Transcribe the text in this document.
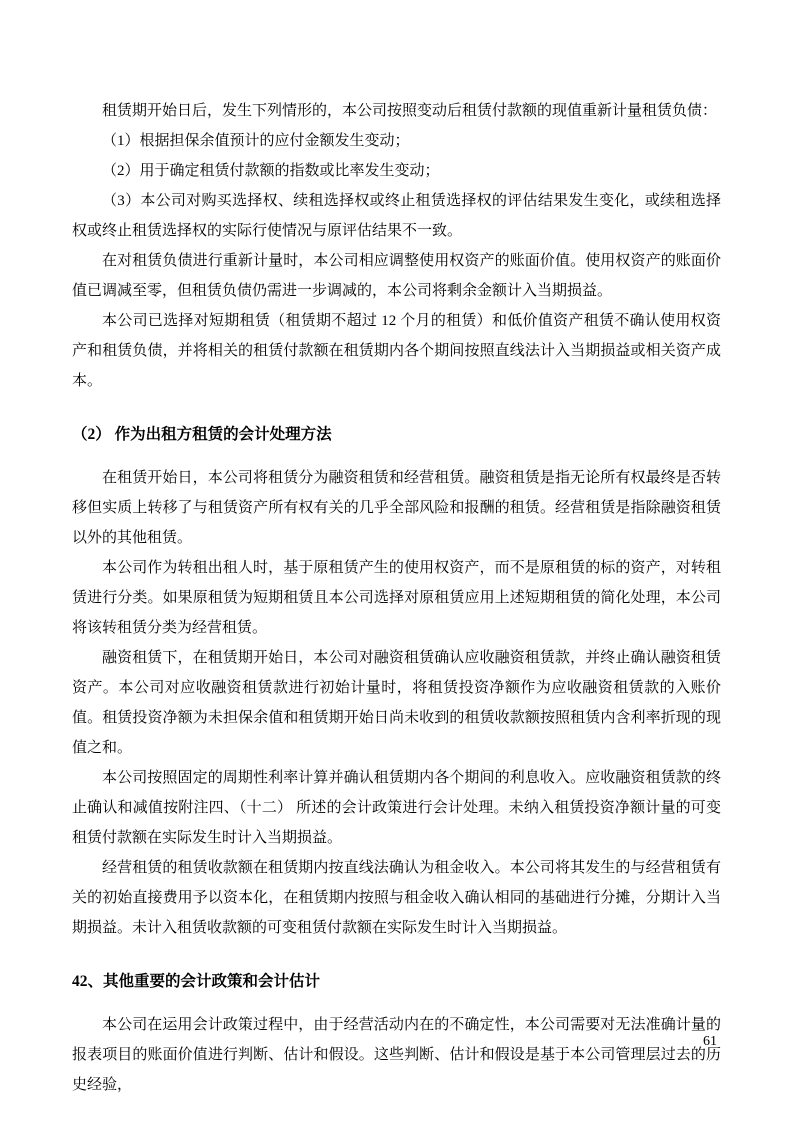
租赁期开始日后，发生下列情形的，本公司按照变动后租赁付款额的现值重新计量租赁负债：

（1）根据担保余值预计的应付金额发生变动；

（2）用于确定租赁付款额的指数或比率发生变动；

（3）本公司对购买选择权、续租选择权或终止租赁选择权的评估结果发生变化，或续租选择权或终止租赁选择权的实际行使情况与原评估结果不一致。

在对租赁负债进行重新计量时，本公司相应调整使用权资产的账面价值。使用权资产的账面价值已调减至零，但租赁负债仍需进一步调减的，本公司将剩余金额计入当期损益。

本公司已选择对短期租赁（租赁期不超过 12 个月的租赁）和低价值资产租赁不确认使用权资产和租赁负债，并将相关的租赁付款额在租赁期内各个期间按照直线法计入当期损益或相关资产成本。

（2） 作为出租方租赁的会计处理方法

在租赁开始日，本公司将租赁分为融资租赁和经营租赁。融资租赁是指无论所有权最终是否转移但实质上转移了与租赁资产所有权有关的几乎全部风险和报酬的租赁。经营租赁是指除融资租赁以外的其他租赁。

本公司作为转租出租人时，基于原租赁产生的使用权资产，而不是原租赁的标的资产，对转租赁进行分类。如果原租赁为短期租赁且本公司选择对原租赁应用上述短期租赁的简化处理，本公司将该转租赁分类为经营租赁。

融资租赁下，在租赁期开始日，本公司对融资租赁确认应收融资租赁款，并终止确认融资租赁资产。本公司对应收融资租赁款进行初始计量时，将租赁投资净额作为应收融资租赁款的入账价值。租赁投资净额为未担保余值和租赁期开始日尚未收到的租赁收款额按照租赁内含利率折现的现值之和。

本公司按照固定的周期性利率计算并确认租赁期内各个期间的利息收入。应收融资租赁款的终止确认和减值按附注四、（十二） 所述的会计政策进行会计处理。未纳入租赁投资净额计量的可变租赁付款额在实际发生时计入当期损益。

经营租赁的租赁收款额在租赁期内按直线法确认为租金收入。本公司将其发生的与经营租赁有关的初始直接费用予以资本化，在租赁期内按照与租金收入确认相同的基础进行分摊，分期计入当期损益。未计入租赁收款额的可变租赁付款额在实际发生时计入当期损益。

42、其他重要的会计政策和会计估计

本公司在运用会计政策过程中，由于经营活动内在的不确定性，本公司需要对无法准确计量的报表项目的账面价值进行判断、估计和假设。这些判断、估计和假设是基于本公司管理层过去的历史经验，

61
